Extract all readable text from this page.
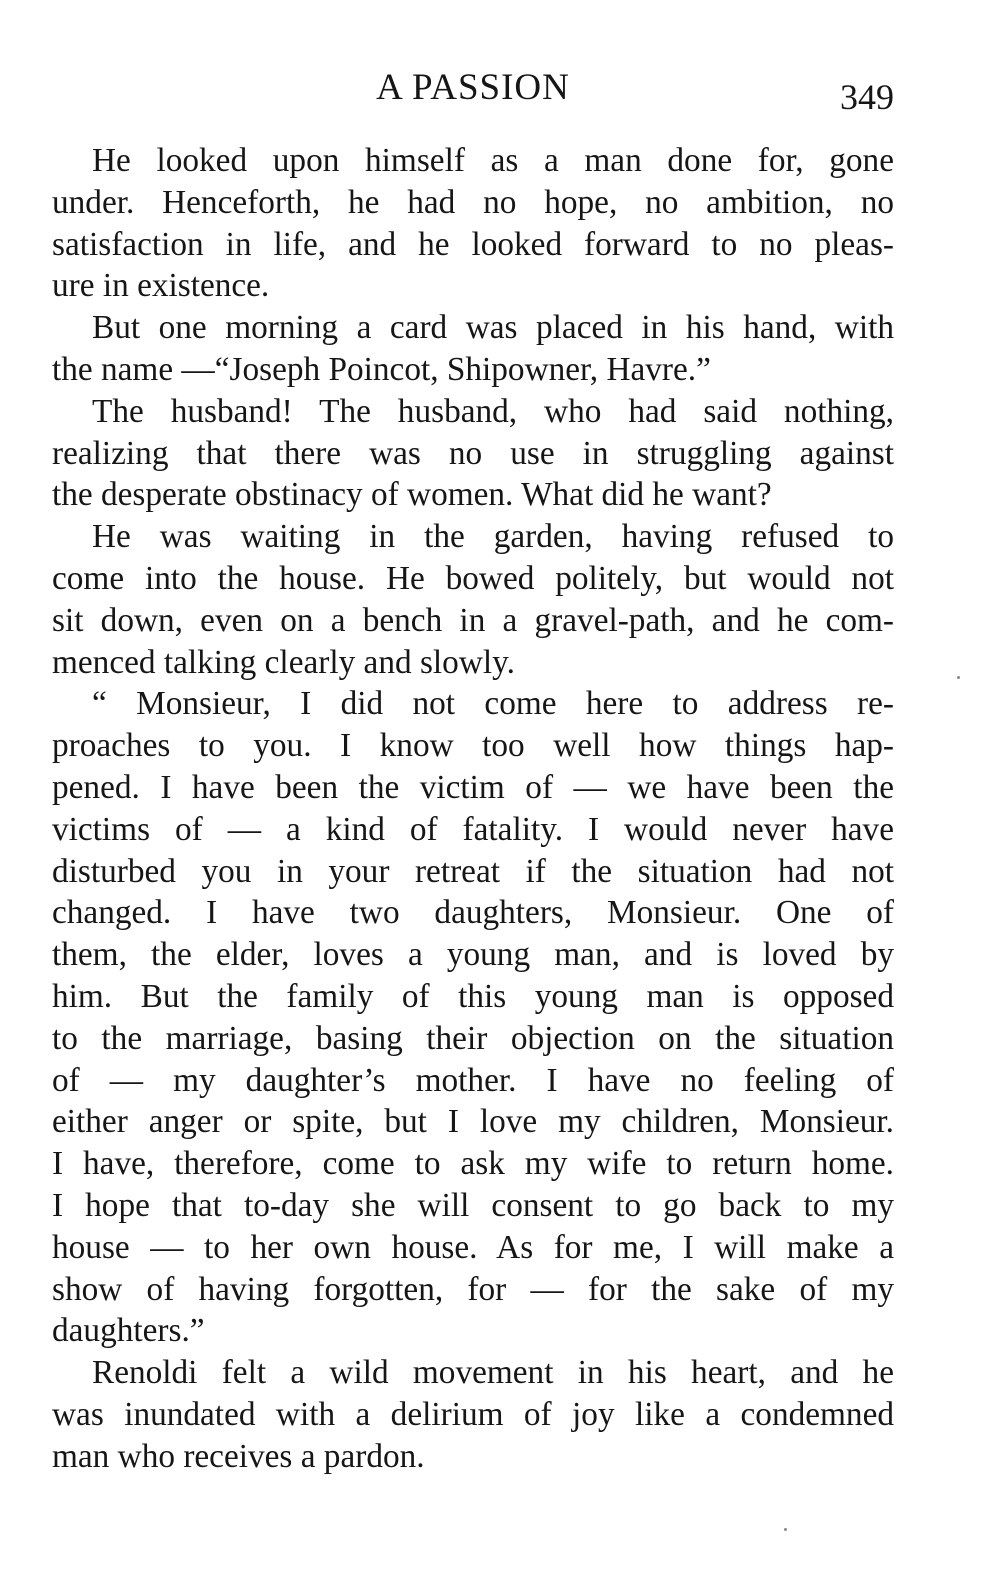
A PASSION	349
He looked upon himself as a man done for, gone
under. Henceforth, he had no hope, no ambition, no
satisfaction in life, and he looked forward to no pleas-
ure in existence.
But one morning a card was placed in his hand, with
the name —“Joseph Poincot, Shipowner, Havre.”
The husband! The husband, who had said nothing,
realizing that there was no use in struggling against
the desperate obstinacy of women. What did he want?
He was waiting in the garden, having refused to
come into the house. He bowed politely, but would not
sit down, even on a bench in a gravel-path, and he com-
menced talking clearly and slowly.
“ Monsieur, I did not come here to address re-
proaches to you. I know too well how things hap-
pened. I have been the victim of — we have been the
victims of — a kind of fatality. I would never have
disturbed you in your retreat if the situation had not
changed. I have two daughters, Monsieur. One of
them, the elder, loves a young man, and is loved by
him. But the family of this young man is opposed
to the marriage, basing their objection on the situation
of — my daughter’s mother. I have no feeling of
either anger or spite, but I love my children, Monsieur.
I have, therefore, come to ask my wife to return home.
I hope that to-day she will consent to go back to my
house — to her own house. As for me, I will make a
show of having forgotten, for — for the sake of my
daughters.”
Renoldi felt a wild movement in his heart, and he
was inundated with a delirium of joy like a condemned
man who receives a pardon.
